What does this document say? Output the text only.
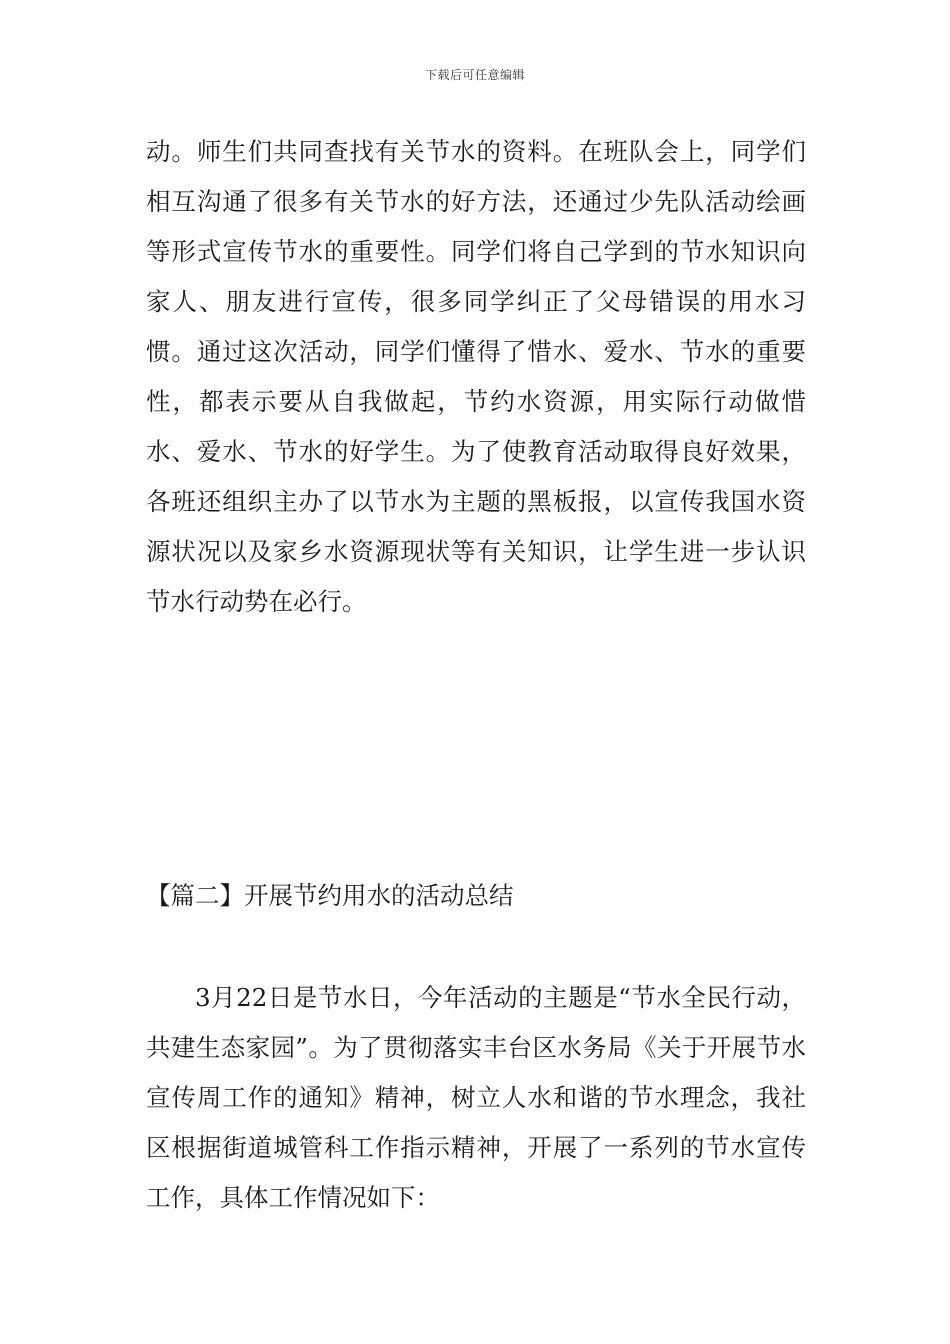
下载后可任意编辑
动。师生们共同查找有关节水的资料。在班队会上，同学们相互沟通了很多有关节水的好方法，还通过少先队活动绘画等形式宣传节水的重要性。同学们将自己学到的节水知识向家人、朋友进行宣传，很多同学纠正了父母错误的用水习惯。通过这次活动，同学们懂得了惜水、爱水、节水的重要性，都表示要从自我做起，节约水资源，用实际行动做惜水、爱水、节水的好学生。为了使教育活动取得良好效果，各班还组织主办了以节水为主题的黑板报，以宣传我国水资源状况以及家乡水资源现状等有关知识，让学生进一步认识节水行动势在必行。
【篇二】开展节约用水的活动总结
3月22日是节水日，今年活动的主题是“节水全民行动，共建生态家园”。为了贯彻落实丰台区水务局《关于开展节水宣传周工作的通知》精神，树立人水和谐的节水理念，我社区根据街道城管科工作指示精神，开展了一系列的节水宣传工作，具体工作情况如下：
